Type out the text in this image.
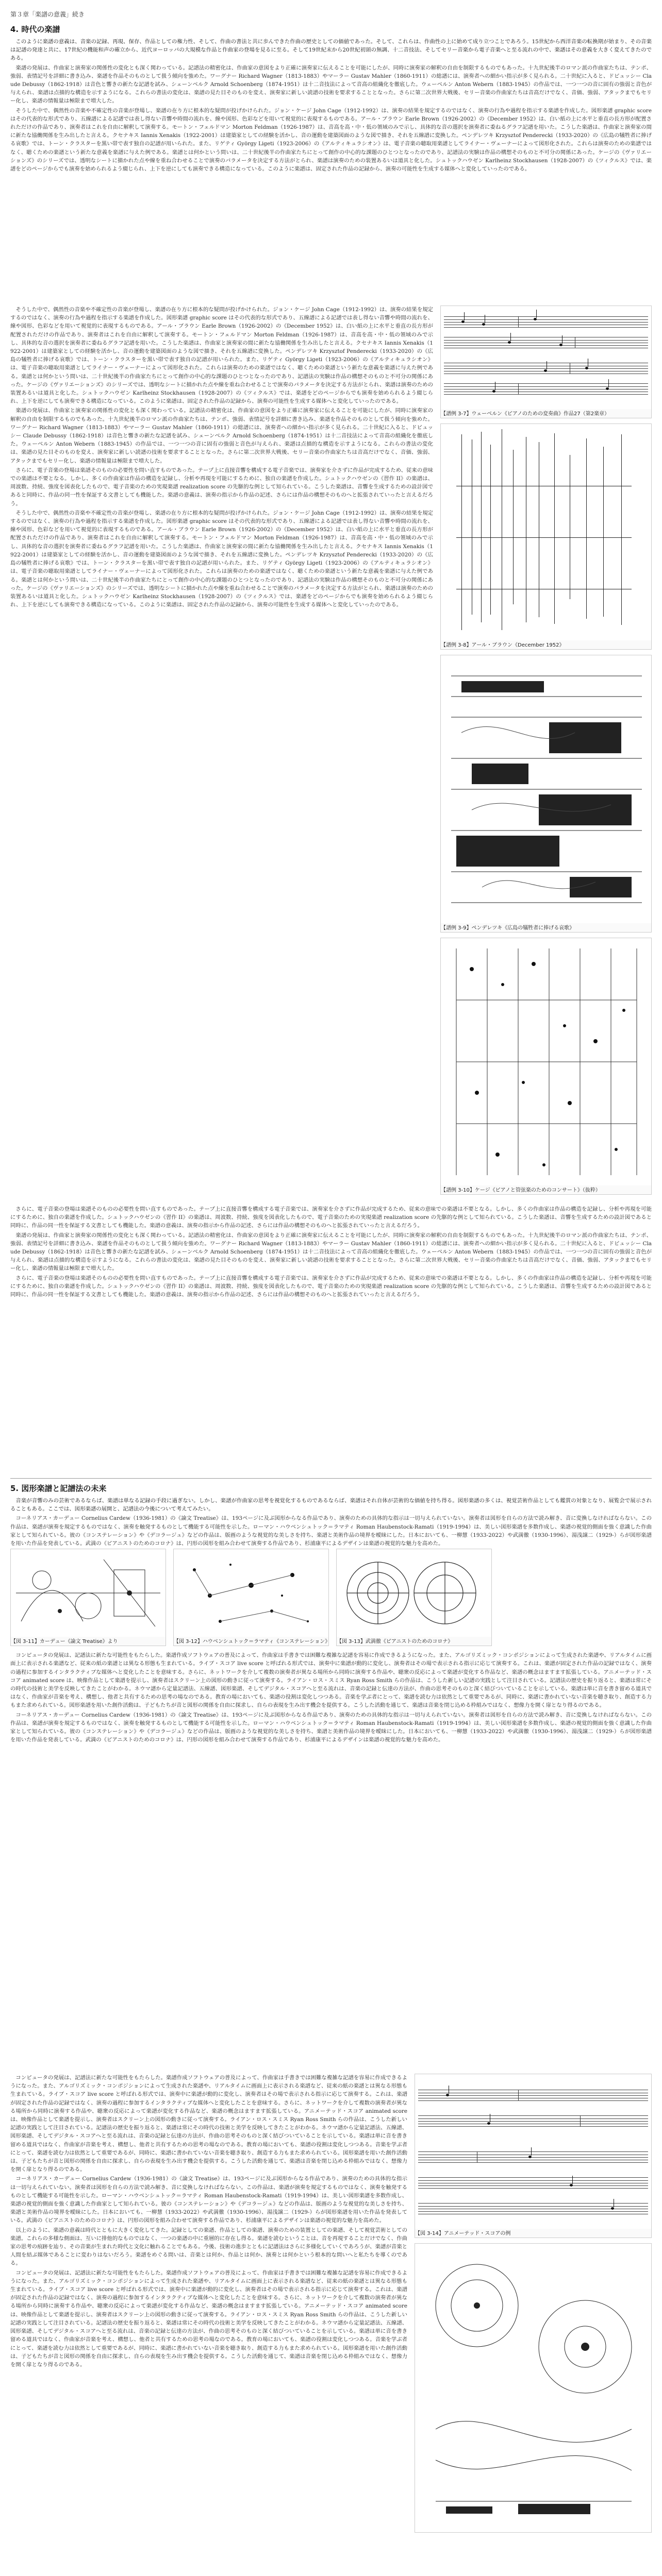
第３章「楽譜の意義」続き
4. 時代の楽譜

このように楽譜の意義は、音楽の記録、再現、保存、作品としての権力性、そして、作曲の書法と共に歩んできた作曲の歴史としての価値であった。そして、これらは、作曲性の上に始めて成り立つことであろう。15世紀から西洋音楽の転換期が始まり、その音楽は記譜の発達と共に、17世紀の機能和声の確立から、近代ヨーロッパの大規模な作品と作曲家の登場を見るに至る。そして19世紀末から20世紀初頭の無調、十二音技法、そしてセリー音楽から電子音楽へと至る流れの中で、楽譜はその意義を大きく変えてきたのである。

楽譜の発展は、作曲家と演奏家の関係性の変化とも深く関わっている。記譜法の精密化は、作曲家の意図をより正確に演奏家に伝えることを可能にしたが、同時に演奏家の解釈の自由を制限するものでもあった。十九世紀後半のロマン派の作曲家たちは、テンポ、強弱、表情記号を詳細に書き込み、楽譜を作品そのものとして扱う傾向を強めた。ワーグナー Richard Wagner（1813-1883）やマーラー Gustav Mahler（1860-1911）の総譜には、演奏者への細かい指示が多く見られる。二十世紀に入ると、ドビュッシー Claude Debussy（1862-1918）は音色と響きの新たな記譜を試み、シェーンベルク Arnold Schoenberg（1874-1951）は十二音技法によって音高の組織化を徹底した。ウェーベルン Anton Webern（1883-1945）の作品では、一つ一つの音に固有の強弱と音色が与えられ、楽譜は点描的な構造を示すようになる。これらの書法の変化は、楽譜の見た目そのものを変え、演奏家に新しい読譜の技術を要求することとなった。さらに第二次世界大戦後、セリー音楽の作曲家たちは音高だけでなく、音価、強弱、アタックまでもセリー化し、楽譜の情報量は極限まで増大した。

そうした中で、偶然性の音楽や不確定性の音楽が登場し、楽譜の在り方に根本的な疑問が投げかけられた。ジョン・ケージ John Cage（1912-1992）は、演奏の結果を規定するのではなく、演奏の行為や過程を指示する楽譜を作成した。図形楽譜 graphic score はその代表的な形式であり、五線譜による記譜では表し得ない音響や時間の流れを、線や図形、色彩などを用いて視覚的に表現するものである。アール・ブラウン Earle Brown（1926-2002）の《December 1952》は、白い紙の上に水平と垂直の長方形が配置されただけの作品であり、演奏者はこれを自由に解釈して演奏する。モートン・フェルドマン Morton Feldman（1926-1987）は、音高を高・中・低の領域のみで示し、具体的な音の選択を演奏者に委ねるグラフ記譜を用いた。こうした楽譜は、作曲家と演奏家の間に新たな協働関係を生み出したと言える。クセナキス Iannis Xenakis（1922-2001）は建築家としての経験を活かし、音の運動を建築図面のような図で描き、それを五線譜に変換した。ペンデレツキ Krzysztof Penderecki（1933-2020）の《広島の犠牲者に捧げる哀歌》では、トーン・クラスターを黒い帯で表す独自の記譜が用いられた。また、リゲティ György Ligeti（1923-2006）の《アルティキュラシオン》は、電子音楽の聴取用楽譜としてライナー・ヴェーナーによって図形化された。これらは演奏のための楽譜ではなく、聴くための楽譜という新たな意義を楽譜に与えた例である。楽譜とは何かという問いは、二十世紀後半の作曲家たちにとって創作の中心的な課題のひとつとなったのであり、記譜法の実験は作品の構想そのものと不可分の関係にあった。ケージの《ヴァリエーションズ》のシリーズでは、透明なシートに描かれた点や線を重ね合わせることで演奏のパラメータを決定する方法がとられ、楽譜は演奏のための装置あるいは道具と化した。シュトックハウゼン Karlheinz Stockhausen（1928-2007）の《ツィクルス》では、楽譜をどのページからでも演奏を始められるよう綴じられ、上下を逆にしても演奏できる構造になっている。このように楽譜は、固定された作品の記録から、演奏の可能性を生成する媒体へと変化していったのである。

そうした中で、偶然性の音楽や不確定性の音楽が登場し、楽譜の在り方に根本的な疑問が投げかけられた。ジョン・ケージ John Cage（1912-1992）は、演奏の結果を規定するのではなく、演奏の行為や過程を指示する楽譜を作成した。図形楽譜 graphic score はその代表的な形式であり、五線譜による記譜では表し得ない音響や時間の流れを、線や図形、色彩などを用いて視覚的に表現するものである。アール・ブラウン Earle Brown（1926-2002）の《December 1952》は、白い紙の上に水平と垂直の長方形が配置されただけの作品であり、演奏者はこれを自由に解釈して演奏する。モートン・フェルドマン Morton Feldman（1926-1987）は、音高を高・中・低の領域のみで示し、具体的な音の選択を演奏者に委ねるグラフ記譜を用いた。こうした楽譜は、作曲家と演奏家の間に新たな協働関係を生み出したと言える。クセナキス Iannis Xenakis（1922-2001）は建築家としての経験を活かし、音の運動を建築図面のような図で描き、それを五線譜に変換した。ペンデレツキ Krzysztof Penderecki（1933-2020）の《広島の犠牲者に捧げる哀歌》では、トーン・クラスターを黒い帯で表す独自の記譜が用いられた。また、リゲティ György Ligeti（1923-2006）の《アルティキュラシオン》は、電子音楽の聴取用楽譜としてライナー・ヴェーナーによって図形化された。これらは演奏のための楽譜ではなく、聴くための楽譜という新たな意義を楽譜に与えた例である。楽譜とは何かという問いは、二十世紀後半の作曲家たちにとって創作の中心的な課題のひとつとなったのであり、記譜法の実験は作品の構想そのものと不可分の関係にあった。ケージの《ヴァリエーションズ》のシリーズでは、透明なシートに描かれた点や線を重ね合わせることで演奏のパラメータを決定する方法がとられ、楽譜は演奏のための装置あるいは道具と化した。シュトックハウゼン Karlheinz Stockhausen（1928-2007）の《ツィクルス》では、楽譜をどのページからでも演奏を始められるよう綴じられ、上下を逆にしても演奏できる構造になっている。このように楽譜は、固定された作品の記録から、演奏の可能性を生成する媒体へと変化していったのである。

楽譜の発展は、作曲家と演奏家の関係性の変化とも深く関わっている。記譜法の精密化は、作曲家の意図をより正確に演奏家に伝えることを可能にしたが、同時に演奏家の解釈の自由を制限するものでもあった。十九世紀後半のロマン派の作曲家たちは、テンポ、強弱、表情記号を詳細に書き込み、楽譜を作品そのものとして扱う傾向を強めた。ワーグナー Richard Wagner（1813-1883）やマーラー Gustav Mahler（1860-1911）の総譜には、演奏者への細かい指示が多く見られる。二十世紀に入ると、ドビュッシー Claude Debussy（1862-1918）は音色と響きの新たな記譜を試み、シェーンベルク Arnold Schoenberg（1874-1951）は十二音技法によって音高の組織化を徹底した。ウェーベルン Anton Webern（1883-1945）の作品では、一つ一つの音に固有の強弱と音色が与えられ、楽譜は点描的な構造を示すようになる。これらの書法の変化は、楽譜の見た目そのものを変え、演奏家に新しい読譜の技術を要求することとなった。さらに第二次世界大戦後、セリー音楽の作曲家たちは音高だけでなく、音価、強弱、アタックまでもセリー化し、楽譜の情報量は極限まで増大した。

さらに、電子音楽の登場は楽譜そのものの必要性を問い直すものであった。テープ上に直接音響を構成する電子音楽では、演奏家を介さずに作品が完成するため、従来の意味での楽譜は不要となる。しかし、多くの作曲家は作品の構造を記録し、分析や再現を可能にするために、独自の楽譜を作成した。シュトックハウゼンの《習作 II》の楽譜は、周波数、持続、強度を図表化したもので、電子音楽のための実現楽譜 realization score の先駆的な例として知られている。こうした楽譜は、音響を生成するための設計図であると同時に、作品の同一性を保証する文書としても機能した。楽譜の意義は、演奏の指示から作品の記述、さらには作品の構想そのものへと拡張されていったと言えるだろう。

そうした中で、偶然性の音楽や不確定性の音楽が登場し、楽譜の在り方に根本的な疑問が投げかけられた。ジョン・ケージ John Cage（1912-1992）は、演奏の結果を規定するのではなく、演奏の行為や過程を指示する楽譜を作成した。図形楽譜 graphic score はその代表的な形式であり、五線譜による記譜では表し得ない音響や時間の流れを、線や図形、色彩などを用いて視覚的に表現するものである。アール・ブラウン Earle Brown（1926-2002）の《December 1952》は、白い紙の上に水平と垂直の長方形が配置されただけの作品であり、演奏者はこれを自由に解釈して演奏する。モートン・フェルドマン Morton Feldman（1926-1987）は、音高を高・中・低の領域のみで示し、具体的な音の選択を演奏者に委ねるグラフ記譜を用いた。こうした楽譜は、作曲家と演奏家の間に新たな協働関係を生み出したと言える。クセナキス Iannis Xenakis（1922-2001）は建築家としての経験を活かし、音の運動を建築図面のような図で描き、それを五線譜に変換した。ペンデレツキ Krzysztof Penderecki（1933-2020）の《広島の犠牲者に捧げる哀歌》では、トーン・クラスターを黒い帯で表す独自の記譜が用いられた。また、リゲティ György Ligeti（1923-2006）の《アルティキュラシオン》は、電子音楽の聴取用楽譜としてライナー・ヴェーナーによって図形化された。これらは演奏のための楽譜ではなく、聴くための楽譜という新たな意義を楽譜に与えた例である。楽譜とは何かという問いは、二十世紀後半の作曲家たちにとって創作の中心的な課題のひとつとなったのであり、記譜法の実験は作品の構想そのものと不可分の関係にあった。ケージの《ヴァリエーションズ》のシリーズでは、透明なシートに描かれた点や線を重ね合わせることで演奏のパラメータを決定する方法がとられ、楽譜は演奏のための装置あるいは道具と化した。シュトックハウゼン Karlheinz Stockhausen（1928-2007）の《ツィクルス》では、楽譜をどのページからでも演奏を始められるよう綴じられ、上下を逆にしても演奏できる構造になっている。このように楽譜は、固定された作品の記録から、演奏の可能性を生成する媒体へと変化していったのである。

【譜例 3-7】ウェーベルン《ピアノのための変奏曲》作品27（第2楽章）
【譜例 3-8】アール・ブラウン《December 1952》
【譜例 3-9】ペンデレツキ《広島の犠牲者に捧げる哀歌》
【譜例 3-10】ケージ《ピアノと管弦楽のためのコンサート》（抜粋）

さらに、電子音楽の登場は楽譜そのものの必要性を問い直すものであった。テープ上に直接音響を構成する電子音楽では、演奏家を介さずに作品が完成するため、従来の意味での楽譜は不要となる。しかし、多くの作曲家は作品の構造を記録し、分析や再現を可能にするために、独自の楽譜を作成した。シュトックハウゼンの《習作 II》の楽譜は、周波数、持続、強度を図表化したもので、電子音楽のための実現楽譜 realization score の先駆的な例として知られている。こうした楽譜は、音響を生成するための設計図であると同時に、作品の同一性を保証する文書としても機能した。楽譜の意義は、演奏の指示から作品の記述、さらには作品の構想そのものへと拡張されていったと言えるだろう。

楽譜の発展は、作曲家と演奏家の関係性の変化とも深く関わっている。記譜法の精密化は、作曲家の意図をより正確に演奏家に伝えることを可能にしたが、同時に演奏家の解釈の自由を制限するものでもあった。十九世紀後半のロマン派の作曲家たちは、テンポ、強弱、表情記号を詳細に書き込み、楽譜を作品そのものとして扱う傾向を強めた。ワーグナー Richard Wagner（1813-1883）やマーラー Gustav Mahler（1860-1911）の総譜には、演奏者への細かい指示が多く見られる。二十世紀に入ると、ドビュッシー Claude Debussy（1862-1918）は音色と響きの新たな記譜を試み、シェーンベルク Arnold Schoenberg（1874-1951）は十二音技法によって音高の組織化を徹底した。ウェーベルン Anton Webern（1883-1945）の作品では、一つ一つの音に固有の強弱と音色が与えられ、楽譜は点描的な構造を示すようになる。これらの書法の変化は、楽譜の見た目そのものを変え、演奏家に新しい読譜の技術を要求することとなった。さらに第二次世界大戦後、セリー音楽の作曲家たちは音高だけでなく、音価、強弱、アタックまでもセリー化し、楽譜の情報量は極限まで増大した。

さらに、電子音楽の登場は楽譜そのものの必要性を問い直すものであった。テープ上に直接音響を構成する電子音楽では、演奏家を介さずに作品が完成するため、従来の意味での楽譜は不要となる。しかし、多くの作曲家は作品の構造を記録し、分析や再現を可能にするために、独自の楽譜を作成した。シュトックハウゼンの《習作 II》の楽譜は、周波数、持続、強度を図表化したもので、電子音楽のための実現楽譜 realization score の先駆的な例として知られている。こうした楽譜は、音響を生成するための設計図であると同時に、作品の同一性を保証する文書としても機能した。楽譜の意義は、演奏の指示から作品の記述、さらには作品の構想そのものへと拡張されていったと言えるだろう。

5. 図形楽譜と記譜法の未来

音楽が音響のみの芸術であるならば、楽譜は単なる記録の手段に過ぎない。しかし、楽譜が作曲家の思考を視覚化するものであるならば、楽譜はそれ自体が芸術的な価値を持ち得る。図形楽譜の多くは、視覚芸術作品としても鑑賞の対象となり、展覧会で展示されることもある。ここでは、図形楽譜の展開と、記譜法の今後について考えてみたい。

コーネリアス・カーデュー Cornelius Cardew（1936-1981）の《論文 Treatise》は、193ページに及ぶ図形からなる作品であり、演奏のための具体的な指示は一切与えられていない。演奏者は図形を自らの方法で読み解き、音に変換しなければならない。この作品は、楽譜が演奏を規定するものではなく、演奏を触発するものとして機能する可能性を示した。ローマン・ハウベンシュトック＝ラマティ Roman Haubenstock-Ramati（1919-1994）は、美しい図形楽譜を多数作成し、楽譜の視覚的側面を強く意識した作曲家として知られている。彼の《コンステレーション》や《デコラージュ》などの作品は、版画のような視覚的な美しさを持ち、楽譜と美術作品の境界を曖昧にした。日本においても、一柳慧（1933-2022）や武満徹（1930-1996）、湯浅譲二（1929-）らが図形楽譜を用いた作品を発表している。武満の《ピアニストのためのコロナ》は、円形の図形を組み合わせて演奏する作品であり、杉浦康平によるデザインは楽譜の視覚的な魅力を高めた。

【図 3-11】カーデュー《論文 Treatise》より	【図 3-12】ハウベンシュトック＝ラマティ《コンステレーション》 【図 3-13】武満徹《ピアニストのためのコロナ》

コンピュータの発展は、記譜法に新たな可能性をもたらした。楽譜作成ソフトウェアの普及によって、作曲家は手書きでは困難な複雑な記譜を容易に作成できるようになった。また、アルゴリズミック・コンポジションによって生成された楽譜や、リアルタイムに画面上に表示される楽譜など、従来の紙の楽譜とは異なる形態も生まれている。ライブ・スコア live score と呼ばれる形式では、演奏中に楽譜が動的に変化し、演奏者はその場で表示される指示に応じて演奏する。これは、楽譜が固定された作品の記録ではなく、演奏の過程に参加するインタラクティブな媒体へと変化したことを意味する。さらに、ネットワークを介して複数の演奏者が異なる場所から同時に演奏する作品や、聴衆の反応によって楽譜が変化する作品など、楽譜の概念はますます拡張している。アニメーテッド・スコア animated score は、映像作品として楽譜を提示し、演奏者はスクリーン上の図形の動きに従って演奏する。ライアン・ロス・スミス Ryan Ross Smith らの作品は、こうした新しい記譜の実践として注目されている。記譜法の歴史を振り返ると、楽譜は常にその時代の技術と美学を反映してきたことがわかる。ネウマ譜から定量記譜法、五線譜、図形楽譜、そしてデジタル・スコアへと至る流れは、音楽の記録と伝達の方法が、作曲の思考そのものと深く結びついていることを示している。楽譜は単に音を書き留める道具ではなく、作曲家が音楽を考え、構想し、他者と共有するための思考の場なのである。教育の場においても、楽譜の役割は変化しつつある。音楽を学ぶ者にとって、楽譜を読む力は依然として重要であるが、同時に、楽譜に書かれていない音楽を聴き取り、創造する力もまた求められている。図形楽譜を用いた創作活動は、子どもたちが音と図形の関係を自由に探求し、自らの表現を生み出す機会を提供する。こうした活動を通じて、楽譜は音楽を閉じ込める枠組みではなく、想像力を開く扉となり得るのである。

コーネリアス・カーデュー Cornelius Cardew（1936-1981）の《論文 Treatise》は、193ページに及ぶ図形からなる作品であり、演奏のための具体的な指示は一切与えられていない。演奏者は図形を自らの方法で読み解き、音に変換しなければならない。この作品は、楽譜が演奏を規定するものではなく、演奏を触発するものとして機能する可能性を示した。ローマン・ハウベンシュトック＝ラマティ Roman Haubenstock-Ramati（1919-1994）は、美しい図形楽譜を多数作成し、楽譜の視覚的側面を強く意識した作曲家として知られている。彼の《コンステレーション》や《デコラージュ》などの作品は、版画のような視覚的な美しさを持ち、楽譜と美術作品の境界を曖昧にした。日本においても、一柳慧（1933-2022）や武満徹（1930-1996）、湯浅譲二（1929-）らが図形楽譜を用いた作品を発表している。武満の《ピアニストのためのコロナ》は、円形の図形を組み合わせて演奏する作品であり、杉浦康平によるデザインは楽譜の視覚的な魅力を高めた。

コンピュータの発展は、記譜法に新たな可能性をもたらした。楽譜作成ソフトウェアの普及によって、作曲家は手書きでは困難な複雑な記譜を容易に作成できるようになった。また、アルゴリズミック・コンポジションによって生成された楽譜や、リアルタイムに画面上に表示される楽譜など、従来の紙の楽譜とは異なる形態も生まれている。ライブ・スコア live score と呼ばれる形式では、演奏中に楽譜が動的に変化し、演奏者はその場で表示される指示に応じて演奏する。これは、楽譜が固定された作品の記録ではなく、演奏の過程に参加するインタラクティブな媒体へと変化したことを意味する。さらに、ネットワークを介して複数の演奏者が異なる場所から同時に演奏する作品や、聴衆の反応によって楽譜が変化する作品など、楽譜の概念はますます拡張している。アニメーテッド・スコア animated score は、映像作品として楽譜を提示し、演奏者はスクリーン上の図形の動きに従って演奏する。ライアン・ロス・スミス Ryan Ross Smith らの作品は、こうした新しい記譜の実践として注目されている。記譜法の歴史を振り返ると、楽譜は常にその時代の技術と美学を反映してきたことがわかる。ネウマ譜から定量記譜法、五線譜、図形楽譜、そしてデジタル・スコアへと至る流れは、音楽の記録と伝達の方法が、作曲の思考そのものと深く結びついていることを示している。楽譜は単に音を書き留める道具ではなく、作曲家が音楽を考え、構想し、他者と共有するための思考の場なのである。教育の場においても、楽譜の役割は変化しつつある。音楽を学ぶ者にとって、楽譜を読む力は依然として重要であるが、同時に、楽譜に書かれていない音楽を聴き取り、創造する力もまた求められている。図形楽譜を用いた創作活動は、子どもたちが音と図形の関係を自由に探求し、自らの表現を生み出す機会を提供する。こうした活動を通じて、楽譜は音楽を閉じ込める枠組みではなく、想像力を開く扉となり得るのである。

コーネリアス・カーデュー Cornelius Cardew（1936-1981）の《論文 Treatise》は、193ページに及ぶ図形からなる作品であり、演奏のための具体的な指示は一切与えられていない。演奏者は図形を自らの方法で読み解き、音に変換しなければならない。この作品は、楽譜が演奏を規定するものではなく、演奏を触発するものとして機能する可能性を示した。ローマン・ハウベンシュトック＝ラマティ Roman Haubenstock-Ramati（1919-1994）は、美しい図形楽譜を多数作成し、楽譜の視覚的側面を強く意識した作曲家として知られている。彼の《コンステレーション》や《デコラージュ》などの作品は、版画のような視覚的な美しさを持ち、楽譜と美術作品の境界を曖昧にした。日本においても、一柳慧（1933-2022）や武満徹（1930-1996）、湯浅譲二（1929-）らが図形楽譜を用いた作品を発表している。武満の《ピアニストのためのコロナ》は、円形の図形を組み合わせて演奏する作品であり、杉浦康平によるデザインは楽譜の視覚的な魅力を高めた。

以上のように、楽譜の意義は時代とともに大きく変化してきた。記録としての楽譜、作品としての楽譜、演奏のための装置としての楽譜、そして視覚芸術としての楽譜。これらの多様な側面は、互いに排他的なものではなく、一つの楽譜の中に重層的に存在し得る。楽譜を読むということは、音を再現することだけでなく、作曲家の思考の痕跡を辿り、その音楽が生まれた時代と文化に触れることでもある。今後、技術の進歩とともに記譜法はさらに多様化していくであろうが、楽譜が音楽と人間を結ぶ媒体であることに変わりはないだろう。楽譜をめぐる問いは、音楽とは何か、作品とは何か、演奏とは何かという根本的な問いへと私たちを導くのである。

コンピュータの発展は、記譜法に新たな可能性をもたらした。楽譜作成ソフトウェアの普及によって、作曲家は手書きでは困難な複雑な記譜を容易に作成できるようになった。また、アルゴリズミック・コンポジションによって生成された楽譜や、リアルタイムに画面上に表示される楽譜など、従来の紙の楽譜とは異なる形態も生まれている。ライブ・スコア live score と呼ばれる形式では、演奏中に楽譜が動的に変化し、演奏者はその場で表示される指示に応じて演奏する。これは、楽譜が固定された作品の記録ではなく、演奏の過程に参加するインタラクティブな媒体へと変化したことを意味する。さらに、ネットワークを介して複数の演奏者が異なる場所から同時に演奏する作品や、聴衆の反応によって楽譜が変化する作品など、楽譜の概念はますます拡張している。アニメーテッド・スコア animated score は、映像作品として楽譜を提示し、演奏者はスクリーン上の図形の動きに従って演奏する。ライアン・ロス・スミス Ryan Ross Smith らの作品は、こうした新しい記譜の実践として注目されている。記譜法の歴史を振り返ると、楽譜は常にその時代の技術と美学を反映してきたことがわかる。ネウマ譜から定量記譜法、五線譜、図形楽譜、そしてデジタル・スコアへと至る流れは、音楽の記録と伝達の方法が、作曲の思考そのものと深く結びついていることを示している。楽譜は単に音を書き留める道具ではなく、作曲家が音楽を考え、構想し、他者と共有するための思考の場なのである。教育の場においても、楽譜の役割は変化しつつある。音楽を学ぶ者にとって、楽譜を読む力は依然として重要であるが、同時に、楽譜に書かれていない音楽を聴き取り、創造する力もまた求められている。図形楽譜を用いた創作活動は、子どもたちが音と図形の関係を自由に探求し、自らの表現を生み出す機会を提供する。こうした活動を通じて、楽譜は音楽を閉じ込める枠組みではなく、想像力を開く扉となり得るのである。

【図 3-14】アニメーテッド・スコアの例
